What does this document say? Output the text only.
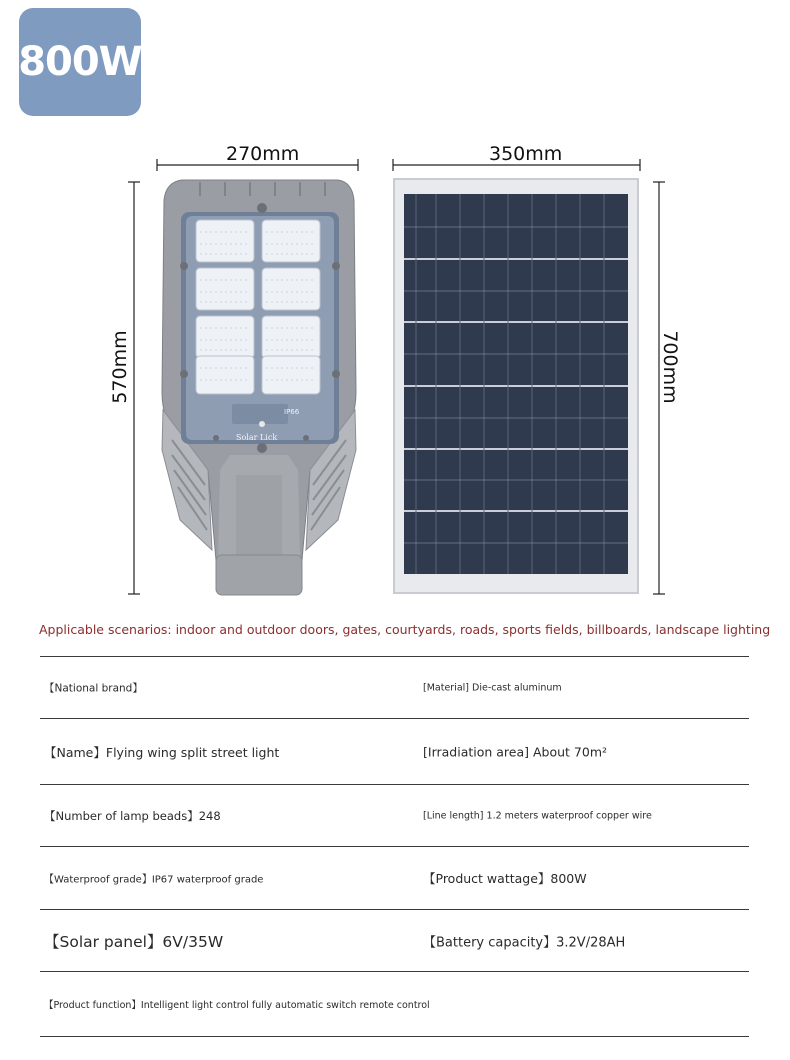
800W
IP66
Solar Lick
270mm	350mm
570mm	700mm
Applicable scenarios: indoor and outdoor doors, gates, courtyards, roads, sports fields, billboards, landscape lighting
【National brand】	[Material] Die-cast aluminum
【Name】Flying wing split street light	[Irradiation area] About 70m²
【Number of lamp beads】248	[Line length] 1.2 meters waterproof copper wire
【Waterproof grade】IP67 waterproof grade	【Product wattage】800W
【Solar panel】6V/35W	【Battery capacity】3.2V/28AH
【Product function】Intelligent light control fully automatic switch remote control
